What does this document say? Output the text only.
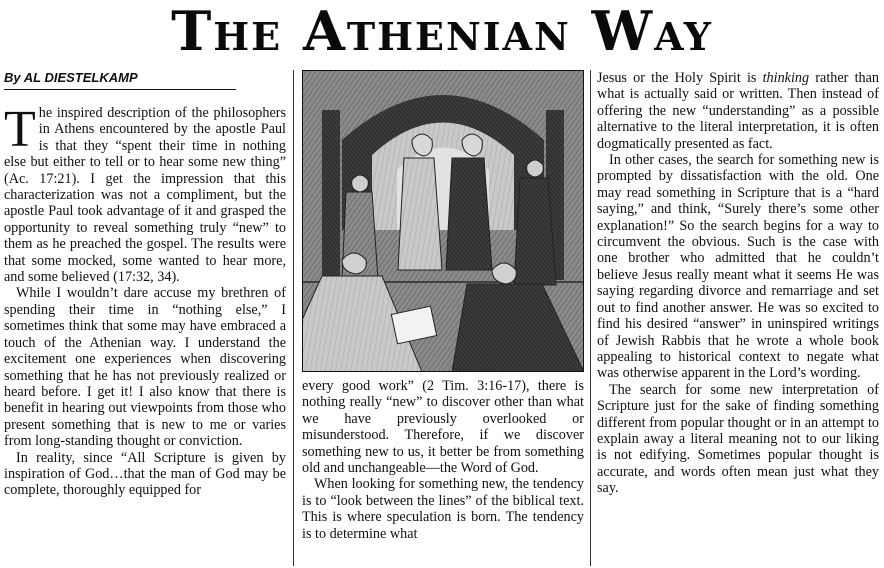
The Athenian Way
By AL DIESTELKAMP

The inspired description of the philosophers in Athens encountered by the apostle Paul is that they “spent their time in nothing else but either to tell or to hear some new thing” (Ac. 17:21). I get the impression that this characterization was not a compliment, but the apostle Paul took advantage of it and grasped the opportunity to reveal something truly “new” to them as he preached the gospel. The results were that some mocked, some wanted to hear more, and some believed (17:32, 34).

While I wouldn’t dare accuse my brethren of spending their time in “nothing else,” I sometimes think that some may have embraced a touch of the Athenian way. I understand the excitement one experiences when discovering something that he has not previously realized or heard before. I get it! I also know that there is benefit in hearing out viewpoints from those who present something that is new to me or varies from long-standing thought or conviction.

In reality, since “All Scripture is given by inspiration of God…that the man of God may be complete, thoroughly equipped for

every good work” (2 Tim. 3:16-17), there is nothing really “new” to discover other than what we have previously overlooked or misunderstood. Therefore, if we discover something new to us, it better be from something old and unchangeable—the Word of God.

When looking for something new, the tendency is to “look between the lines” of the biblical text. This is where speculation is born. The tendency is to determine what

Jesus or the Holy Spirit is thinking rather than what is actually said or written. Then instead of offering the new “understanding” as a possible alternative to the literal interpretation, it is often dogmatically presented as fact.

In other cases, the search for something new is prompted by dissatisfaction with the old. One may read something in Scripture that is a “hard saying,” and think, “Surely there’s some other explanation!” So the search begins for a way to circumvent the obvious. Such is the case with one brother who admitted that he couldn’t believe Jesus really meant what it seems He was saying regarding divorce and remarriage and set out to find another answer. He was so excited to find his desired “answer” in uninspired writings of Jewish Rabbis that he wrote a whole book appealing to historical context to negate what was otherwise apparent in the Lord’s wording.

The search for some new interpretation of Scripture just for the sake of finding something different from popular thought or in an attempt to explain away a literal meaning not to our liking is not edifying. Sometimes popular thought is accurate, and words often mean just what they say.
